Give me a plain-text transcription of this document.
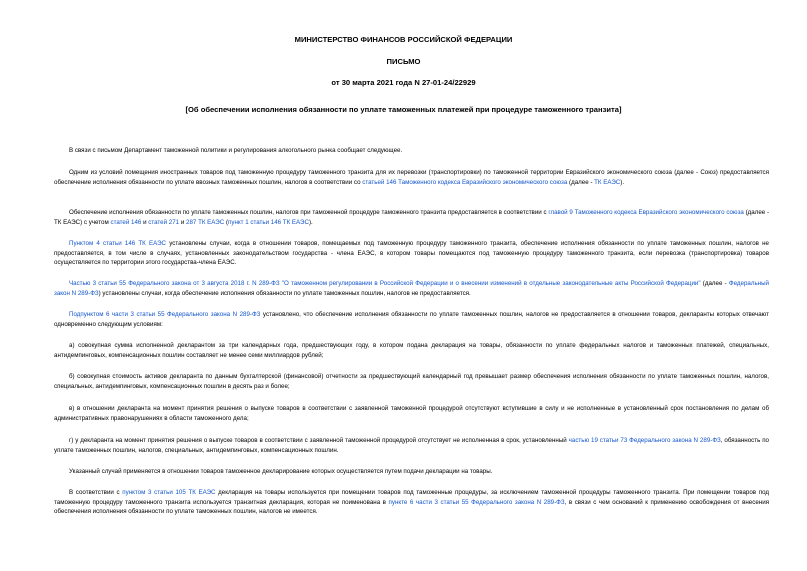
МИНИСТЕРСТВО ФИНАНСОВ РОССИЙСКОЙ ФЕДЕРАЦИИ
ПИСЬМО
от 30 марта 2021 года N 27-01-24/22929
[Об обеспечении исполнения обязанности по уплате таможенных платежей при процедуре таможенного транзита]
В связи с письмом Департамент таможенной политики и регулирования алкогольного рынка сообщает следующее.
Одним из условий помещения иностранных товаров под таможенную процедуру таможенного транзита для их перевозки (транспортировки) по таможенной территории Евразийского экономического союза (далее - Союз) предоставляется обеспечение исполнения обязанности по уплате ввозных таможенных пошлин, налогов в соответствии со статьей 146 Таможенного кодекса Евразийского экономического союза (далее - ТК ЕАЭС).
Обеспечение исполнения обязанности по уплате таможенных пошлин, налогов при таможенной процедуре таможенного транзита предоставляется в соответствии с главой 9 Таможенного кодекса Евразийского экономического союза (далее - ТК ЕАЭС) с учетом статей 146 и статей 271 и 287 ТК ЕАЭС (пункт 1 статьи 146 ТК ЕАЭС).
Пунктом 4 статьи 146 ТК ЕАЭС установлены случаи, когда в отношении товаров, помещаемых под таможенную процедуру таможенного транзита, обеспечение исполнения обязанности по уплате таможенных пошлин, налогов не предоставляется, в том числе в случаях, установленных законодательством государства - члена ЕАЭС, в котором товары помещаются под таможенную процедуру таможенного транзита, если перевозка (транспортировка) товаров осуществляется по территории этого государства-члена ЕАЭС.
Частью 3 статьи 55 Федерального закона от 3 августа 2018 г. N 289-ФЗ "О таможенном регулировании в Российской Федерации и о внесении изменений в отдельные законодательные акты Российской Федерации" (далее - Федеральный закон N 289-ФЗ) установлены случаи, когда обеспечение исполнения обязанности по уплате таможенных пошлин, налогов не предоставляется.
Подпунктом 6 части 3 статьи 55 Федерального закона N 289-ФЗ установлено, что обеспечение исполнения обязанности по уплате таможенных пошлин, налогов не предоставляется в отношении товаров, декларанты которых отвечают одновременно следующим условиям:
а) совокупная сумма исполненной декларантом за три календарных года, предшествующих году, в котором подана декларация на товары, обязанности по уплате федеральных налогов и таможенных платежей, специальных, антидемпинговых, компенсационных пошлин составляет не менее семи миллиардов рублей;
б) совокупная стоимость активов декларанта по данным бухгалтерской (финансовой) отчетности за предшествующий календарный год превышает размер обеспечения исполнения обязанности по уплате таможенных пошлин, налогов, специальных, антидемпинговых, компенсационных пошлин в десять раз и более;
в) в отношении декларанта на момент принятия решения о выпуске товаров в соответствии с заявленной таможенной процедурой отсутствуют вступившие в силу и не исполненные в установленный срок постановления по делам об административных правонарушениях в области таможенного дела;
г) у декларанта на момент принятия решения о выпуске товаров в соответствии с заявленной таможенной процедурой отсутствует не исполненная в срок, установленный частью 19 статьи 73 Федерального закона N 289-ФЗ, обязанность по уплате таможенных пошлин, налогов, специальных, антидемпинговых, компенсационных пошлин.
Указанный случай применяется в отношении товаров таможенное декларирование которых осуществляется путем подачи декларации на товары.
В соответствии с пунктом 3 статьи 105 ТК ЕАЭС декларация на товары используется при помещении товаров под таможенные процедуры, за исключением таможенной процедуры таможенного транзита. При помещении товаров под таможенную процедуру таможенного транзита используется транзитная декларация, которая не поименована в пункте 6 части 3 статьи 55 Федерального закона N 289-ФЗ, в связи с чем оснований к применению освобождения от внесения обеспечения исполнения обязанности по уплате таможенных пошлин, налогов не имеется.
